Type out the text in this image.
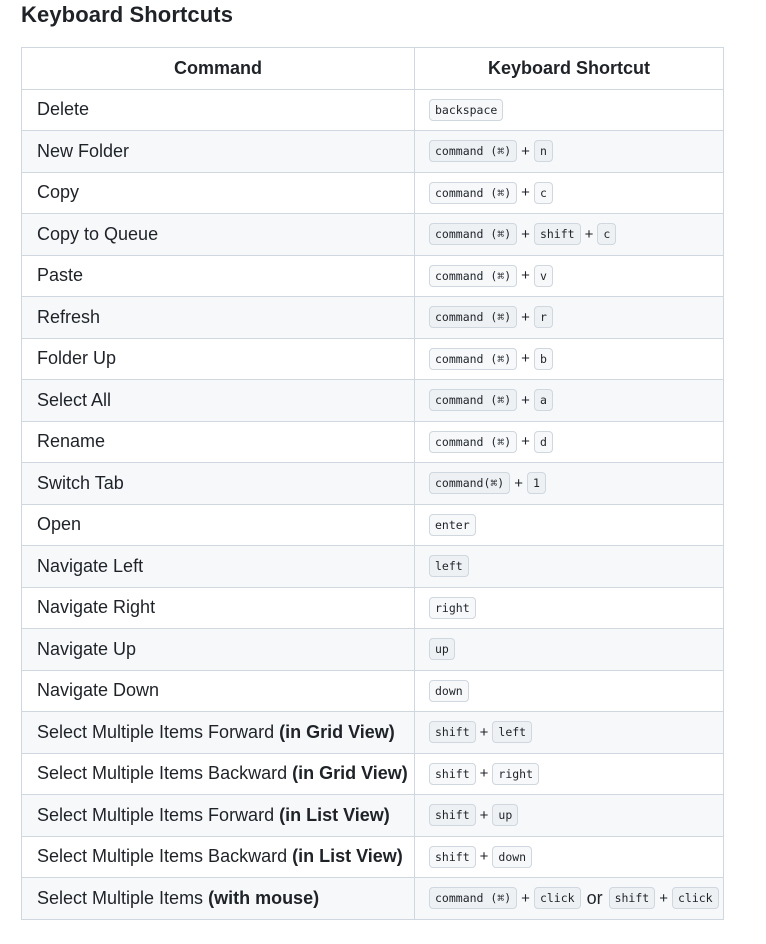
Keyboard Shortcuts
Command	Keyboard Shortcut
Delete	backspace
New Folder	command (⌘) + n
Copy	command (⌘) + c
Copy to Queue	command (⌘) + shift + c
Paste	command (⌘) + v
Refresh	command (⌘) + r
Folder Up	command (⌘) + b
Select All	command (⌘) + a
Rename	command (⌘) + d
Switch Tab	command(⌘) + 1
Open	enter
Navigate Left	left
Navigate Right	right
Navigate Up	up
Navigate Down	down
Select Multiple Items Forward (in Grid View)	shift + left
Select Multiple Items Backward (in Grid View)	shift + right
Select Multiple Items Forward (in List View)	shift + up
Select Multiple Items Backward (in List View)	shift + down
Select Multiple Items (with mouse)	command (⌘) + click or shift + click
